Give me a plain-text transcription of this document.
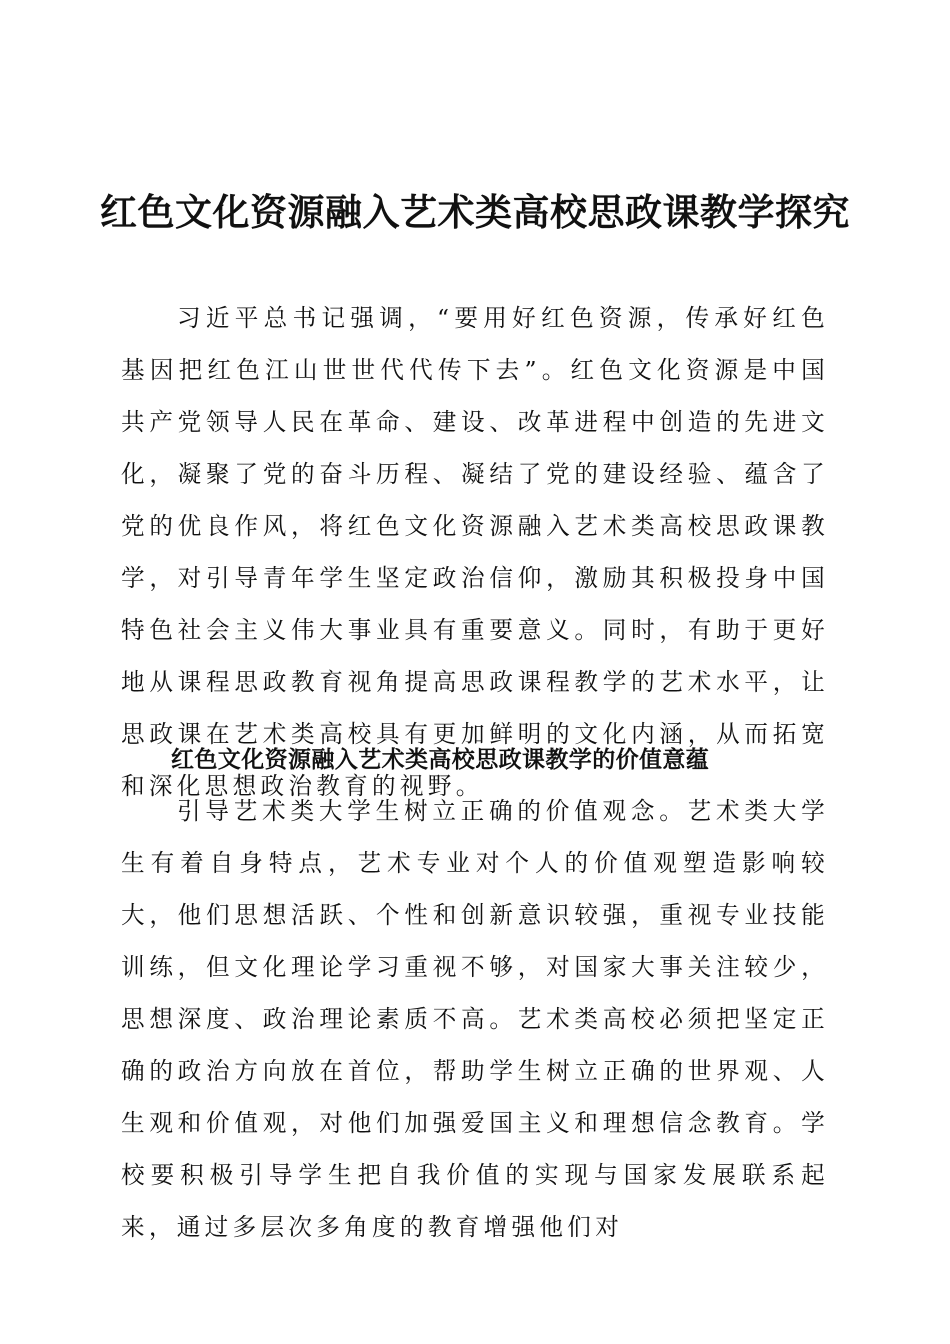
红色文化资源融入艺术类高校思政课教学探究

习近平总书记强调，“要用好红色资源，传承好红色基因把红色江山世世代代传下去”。红色文化资源是中国共产党领导人民在革命、建设、改革进程中创造的先进文化，凝聚了党的奋斗历程、凝结了党的建设经验、蕴含了党的优良作风，将红色文化资源融入艺术类高校思政课教学，对引导青年学生坚定政治信仰，激励其积极投身中国特色社会主义伟大事业具有重要意义。同时，有助于更好地从课程思政教育视角提高思政课程教学的艺术水平，让思政课在艺术类高校具有更加鲜明的文化内涵，从而拓宽和深化思想政治教育的视野。

红色文化资源融入艺术类高校思政课教学的价值意蕴

引导艺术类大学生树立正确的价值观念。艺术类大学生有着自身特点，艺术专业对个人的价值观塑造影响较大，他们思想活跃、个性和创新意识较强，重视专业技能训练，但文化理论学习重视不够，对国家大事关注较少，思想深度、政治理论素质不高。艺术类高校必须把坚定正确的政治方向放在首位，帮助学生树立正确的世界观、人生观和价值观，对他们加强爱国主义和理想信念教育。学校要积极引导学生把自我价值的实现与国家发展联系起来，通过多层次多角度的教育增强他们对
